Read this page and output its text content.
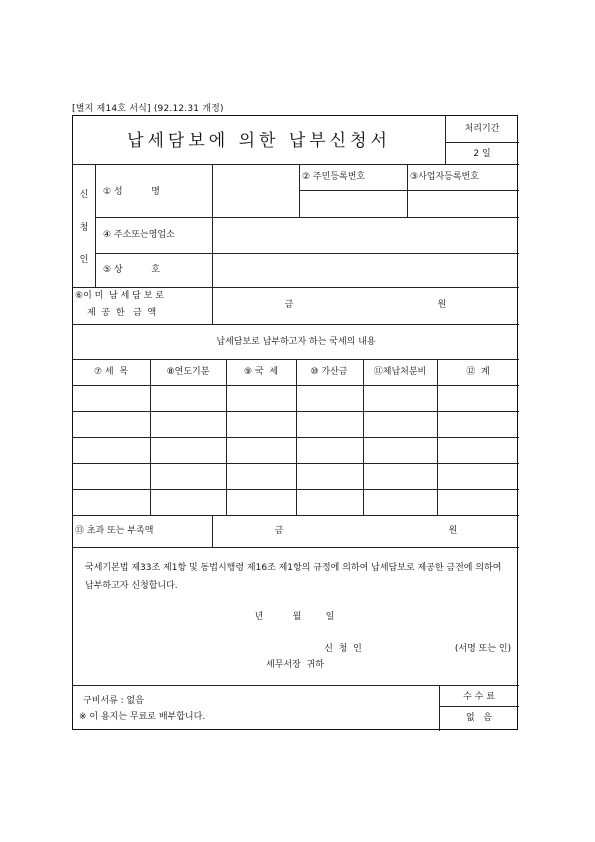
[별지 제14호 서식] (92.12.31 개정)
납세담보에 의한 납부신청서
처리기간
2 일
신
청
인
① 성          명
② 주민등록번호	③사업자등록번호
④ 주소또는영업소
⑤ 상          호
⑥이 미  남 세 담 보 로
제  공  한   금  액
금	원
납세담보로 납부하고자 하는 국세의 내용
⑦ 세  목	⑧연도기분	⑨ 국  세	⑩ 가산금	⑪체납처분비	⑫  계
⑬ 초과 또는 부족액	금	원
국세기본법 제33조 제1항 및 동법시행령 제16조 제1항의 규정에 의하여 납세담보로 제공한 금전에 의하여 납부하고자 신청합니다.
년	월	일
신  청  인	(서명 또는 인)
세무서장  귀하
구비서류 : 없음
※ 이 용지는 무료로 배부합니다.
수 수 료
없   음
